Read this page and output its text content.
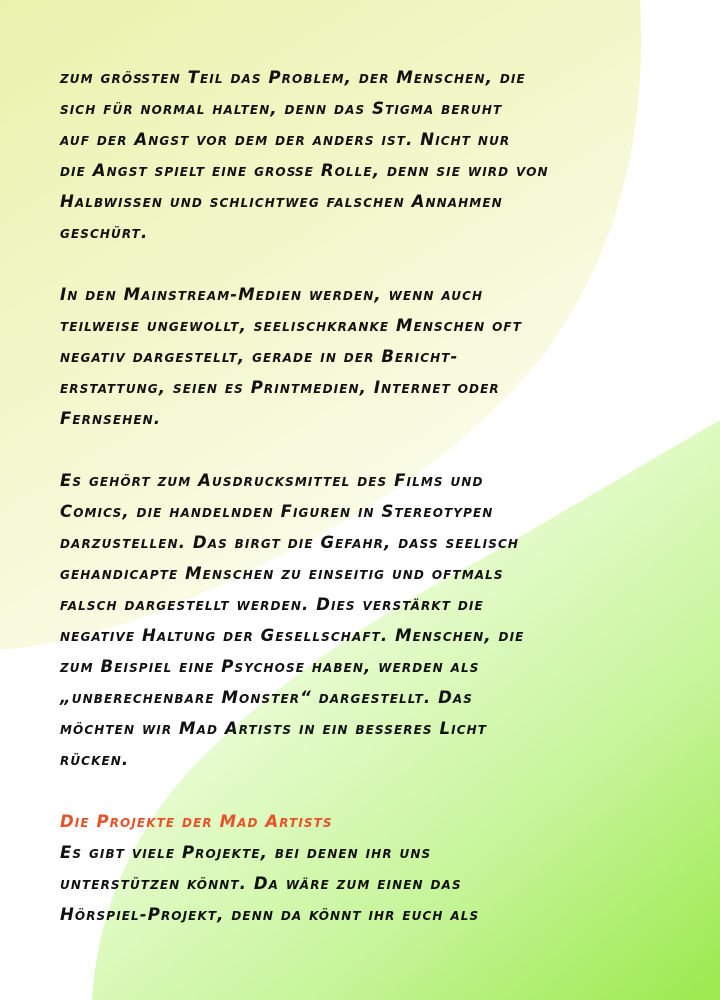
zum größten Teil das Problem, der Menschen, die
sich für normal halten, denn das Stigma beruht
auf der Angst vor dem der anders ist. Nicht nur
die Angst spielt eine große Rolle, denn sie wird von
Halbwissen und schlichtweg falschen Annahmen
geschürt.
In den Mainstream-Medien werden, wenn auch
teilweise ungewollt, seelischkranke Menschen oft
negativ dargestellt, gerade in der Bericht-
erstattung, seien es Printmedien, Internet oder
Fernsehen.
Es gehört zum Ausdrucksmittel des Films und
Comics, die handelnden Figuren in Stereotypen
darzustellen. Das birgt die Gefahr, dass seelisch
gehandicapte Menschen zu einseitig und oftmals
falsch dargestellt werden. Dies verstärkt die
negative Haltung der Gesellschaft. Menschen, die
zum Beispiel eine Psychose haben, werden als
„unberechenbare Monster“ dargestellt. Das
möchten wir Mad Artists in ein besseres Licht
rücken.
Die Projekte der Mad Artists
Es gibt viele Projekte, bei denen ihr uns
unterstützen könnt. Da wäre zum einen das
Hörspiel-Projekt, denn da könnt ihr euch als
